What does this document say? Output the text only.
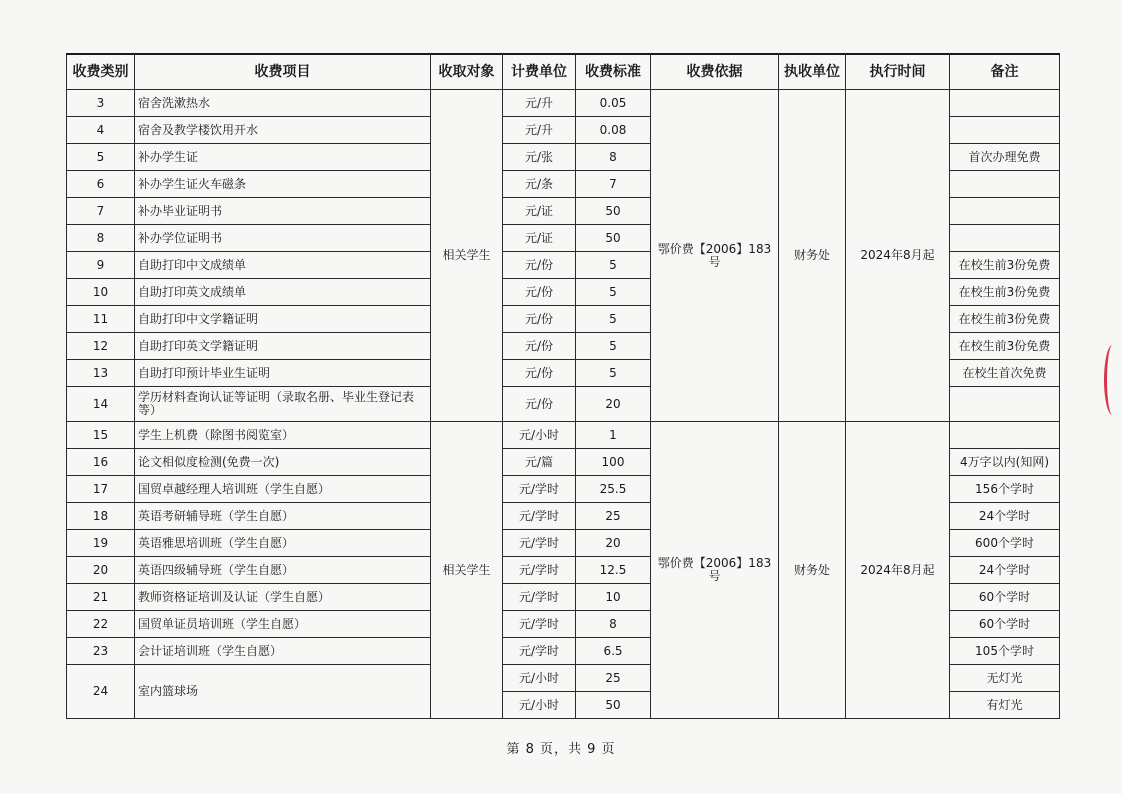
收费类别	收费项目	收取对象	计费单位	收费标准	收费依据	执收单位	执行时间	备注
3	宿舍洗漱热水	相关学生	元/升	0.05	鄂价费【2006】183号	财务处	2024年8月起	
4	宿舍及教学楼饮用开水		元/升	0.08				
5	补办学生证		元/张	8				首次办理免费
6	补办学生证火车磁条		元/条	7				
7	补办毕业证明书		元/证	50				
8	补办学位证明书		元/证	50				
9	自助打印中文成绩单		元/份	5				在校生前3份免费
10	自助打印英文成绩单		元/份	5				在校生前3份免费
11	自助打印中文学籍证明		元/份	5				在校生前3份免费
12	自助打印英文学籍证明		元/份	5				在校生前3份免费
13	自助打印预计毕业生证明		元/份	5				在校生首次免费
14	学历材料查询认证等证明（录取名册、毕业生登记表等）		元/份	20				
15	学生上机费（除图书阅览室）	相关学生	元/小时	1	鄂价费【2006】183号	财务处	2024年8月起	
16	论文相似度检测(免费一次)		元/篇	100				4万字以内(知网)
17	国贸卓越经理人培训班（学生自愿）		元/学时	25.5				156个学时
18	英语考研辅导班（学生自愿）		元/学时	25				24个学时
19	英语雅思培训班（学生自愿）		元/学时	20				600个学时
20	英语四级辅导班（学生自愿）		元/学时	12.5				24个学时
21	教师资格证培训及认证（学生自愿）		元/学时	10				60个学时
22	国贸单证员培训班（学生自愿）		元/学时	8				60个学时
23	会计证培训班（学生自愿）		元/学时	6.5				105个学时
24	室内篮球场		元/小时	25				无灯光
			元/小时	50				有灯光
第 8 页，共 9 页
